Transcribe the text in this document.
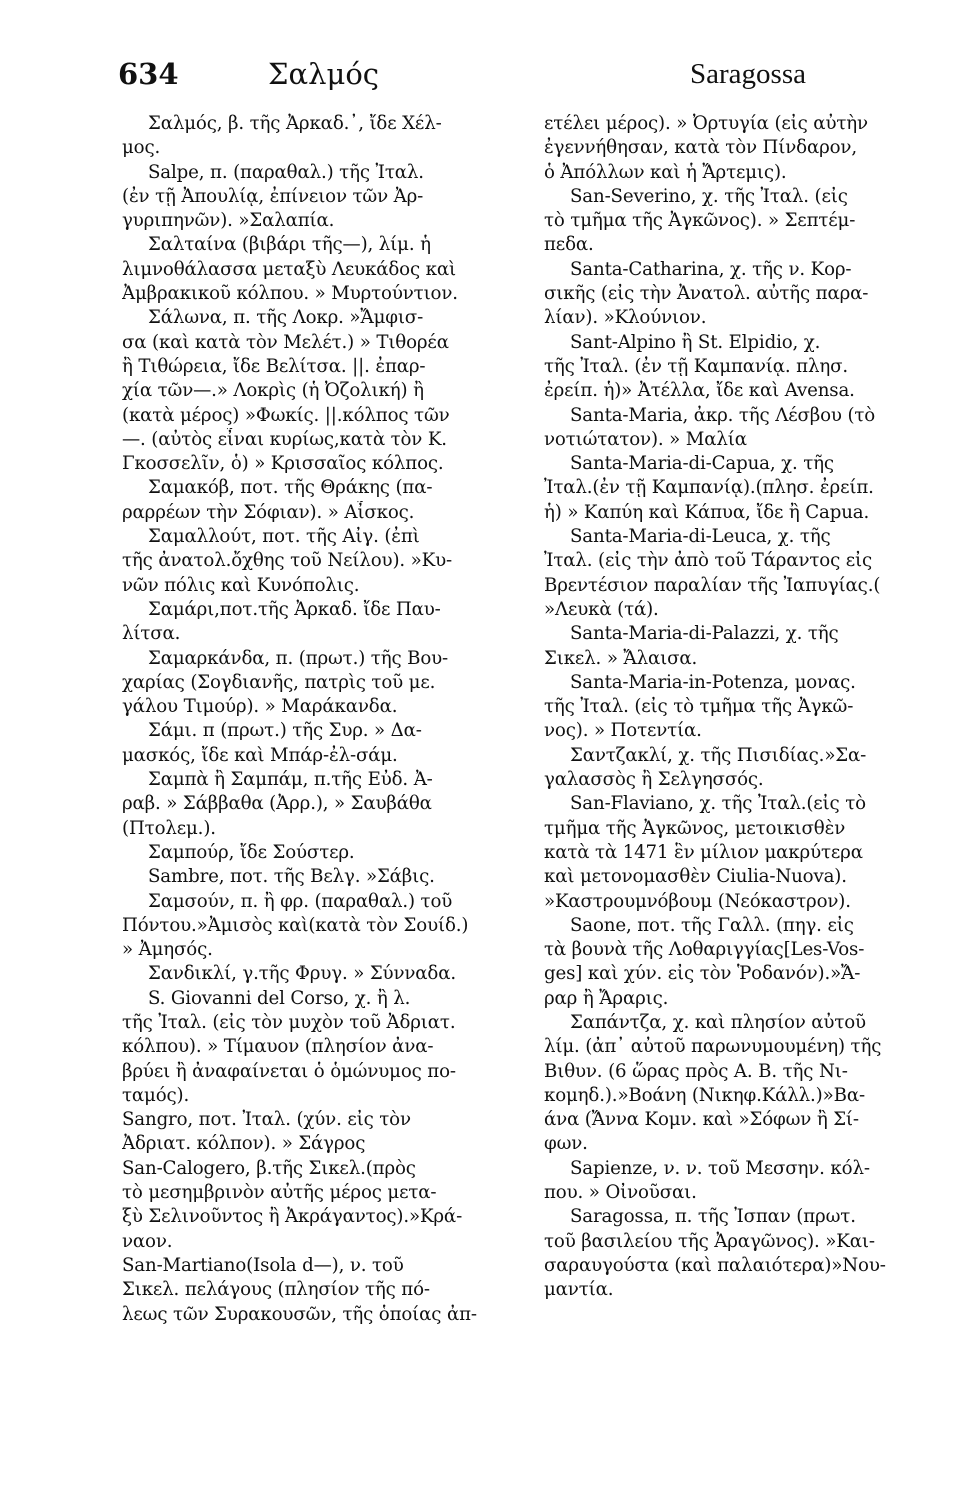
634	Σαλμός	Saragossa

Σαλμός, β. τῆς Ἀρκαδ.᾽, ἴδε Χέλ-

μος.

Salpe, π. (παραθαλ.) τῆς Ἰταλ.

(ἐν τῇ Ἀπουλίᾳ, ἐπίνειον τῶν Ἀρ-

γυριπηνῶν). »Σαλαπία.

Σαλταίνα (βιβάρι τῆς—), λίμ. ἡ

λιμνοθάλασσα μεταξὺ Λευκάδος καὶ

Ἀμβρακικοῦ κόλπου. » Μυρτούντιον.

Σάλωνα, π. τῆς Λοκρ. »Ἄμφισ-

σα (καὶ κατὰ τὸν Μελέτ.) » Τιθορέα

ἢ Τιθώρεια, ἴδε Βελίτσα. ||. ἐπαρ-

χία τῶν—.» Λοκρὶς (ἡ Ὀζολική) ἢ

(κατὰ μέρος) »Φωκίς. ||.κόλπος τῶν

—. (αὐτὸς εἶναι κυρίως,κατὰ τὸν Κ.

Γκοσσελῖν, ὁ) » Κρισσαῖος κόλπος.

Σαμακόβ, ποτ. τῆς Θράκης (πα-

ραρρέων τὴν Σόφιαν). » Αἶσκος.

Σαμαλλούτ, ποτ. τῆς Αἰγ. (ἐπὶ

τῆς ἀνατολ.ὄχθης τοῦ Νείλου). »Κυ-

νῶν πόλις καὶ Κυνόπολις.

Σαμάρι,ποτ.τῆς Ἀρκαδ. ἴδε Παυ-

λίτσα.

Σαμαρκάνδα, π. (πρωτ.) τῆς Βου-

χαρίας (Σογδιανῆς, πατρὶς τοῦ με.

γάλου Τιμούρ). » Μαράκανδα.

Σάμι. π (πρωτ.) τῆς Συρ. » Δα-

μασκός, ἴδε καὶ Μπάρ-ἐλ-σάμ.

Σαμπὰ ἢ Σαμπάμ, π.τῆς Εὐδ. Ἀ-

ραβ. » Σάββαθα (Ἀρρ.), » Σαυβάθα

(Πτολεμ.).

Σαμπούρ, ἴδε Σούστερ.

Sambre, ποτ. τῆς Βελγ. »Σάβις.

Σαμσούν, π. ἢ φρ. (παραθαλ.) τοῦ

Πόντου.»Ἀμισὸς καὶ(κατὰ τὸν Σουίδ.)

» Ἀμησός.

Σανδικλί, γ.τῆς Φρυγ. » Σύνναδα.

S. Giovanni del Corso, χ. ἢ λ.

τῆς Ἰταλ. (εἰς τὸν μυχὸν τοῦ Ἀδριατ.

κόλπου). » Τίμαυον (πλησίον ἀνα-

βρύει ἢ ἀναφαίνεται ὁ ὁμώνυμος πο-

ταμός).

Sangro, ποτ. Ἰταλ. (χύν. εἰς τὸν

Ἀδριατ. κόλπον). » Σάγρος

San-Calogero, β.τῆς Σικελ.(πρὸς

τὸ μεσημβρινὸν αὐτῆς μέρος μετα-

ξὺ Σελινοῦντος ἢ Ἀκράγαντος).»Κρά-

ναον.

San-Martiano(Isola d—), ν. τοῦ

Σικελ. πελάγους (πλησίον τῆς πό-

λεως τῶν Συρακουσῶν, τῆς ὁποίας ἀπ-

ετέλει μέρος). » Ὀρτυγία (εἰς αὐτὴν

ἐγεννήθησαν, κατὰ τὸν Πίνδαρον,

ὁ Ἀπόλλων καὶ ἡ Ἄρτεμις).

San-Severino, χ. τῆς Ἰταλ. (εἰς

τὸ τμῆμα τῆς Ἀγκῶνος). » Σεπτέμ-

πεδα.

Santa-Catharina, χ. τῆς ν. Κορ-

σικῆς (εἰς τὴν Ἀνατολ. αὐτῆς παρα-

λίαν). »Κλούνιον.

Sant-Alpino ἢ St. Elpidio, χ.

τῆς Ἰταλ. (ἐν τῇ Καμπανίᾳ. πλησ.

ἐρείπ. ἡ)» Ἀτέλλα, ἴδε καὶ Avensa.

Santa-Maria, ἀκρ. τῆς Λέσβου (τὸ

νοτιώτατον). » Μαλία

Santa-Maria-di-Capua, χ. τῆς

Ἰταλ.(ἐν τῇ Καμπανίᾳ).(πλησ. ἐρείπ.

ἡ) » Καπύη καὶ Κάπυα, ἴδε ἢ Capua.

Santa-Maria-di-Leuca, χ. τῆς

Ἰταλ. (εἰς τὴν ἀπὸ τοῦ Τάραντος εἰς

Βρεντέσιον παραλίαν τῆς Ἰαπυγίας.(

»Λευκὰ (τά).

Santa-Maria-di-Palazzi, χ. τῆς

Σικελ. » Ἄλαισα.

Santa-Maria-in-Potenza, μονας.

τῆς Ἰταλ. (εἰς τὸ τμῆμα τῆς Ἀγκῶ-

νος). » Ποτεντία.

Σαντζακλί, χ. τῆς Πισιδίας.»Σα-

γαλασσὸς ἢ Σελγησσός.

San-Flaviano, χ. τῆς Ἰταλ.(εἰς τὸ

τμῆμα τῆς Ἀγκῶνος, μετοικισθὲν

κατὰ τὰ 1471 ἓν μίλιον μακρύτερα

καὶ μετονομασθὲν Ciulia-Nuova).

»Καστρουμνόβουμ (Νεόκαστρον).

Saone, ποτ. τῆς Γαλλ. (πηγ. εἰς

τὰ βουνὰ τῆς Λοθαριγγίας[Les-Vos-

ges] καὶ χύν. εἰς τὸν Ῥοδανόν).»Ἄ-

ραρ ἢ Ἄραρις.

Σαπάντζα, χ. καὶ πλησίον αὐτοῦ

λίμ. (ἀπ᾽ αὐτοῦ παρωνυμουμένη) τῆς

Βιθυν. (6 ὥρας πρὸς Α. Β. τῆς Νι-

κομηδ.).»Βοάνη (Νικηφ.Κάλλ.)»Βα-

άνα (Ἄννα Κομν. καὶ »Σόφων ἢ Σί-

φων.

Sapienze, ν. ν. τοῦ Μεσσην. κόλ-

που. » Οἰνοῦσαι.

Saragossa, π. τῆς Ἰσπαν (πρωτ.

τοῦ βασιλείου τῆς Ἀραγῶνος). »Και-

σαραυγούστα (καὶ παλαιότερα)»Νου-

μαντία.
